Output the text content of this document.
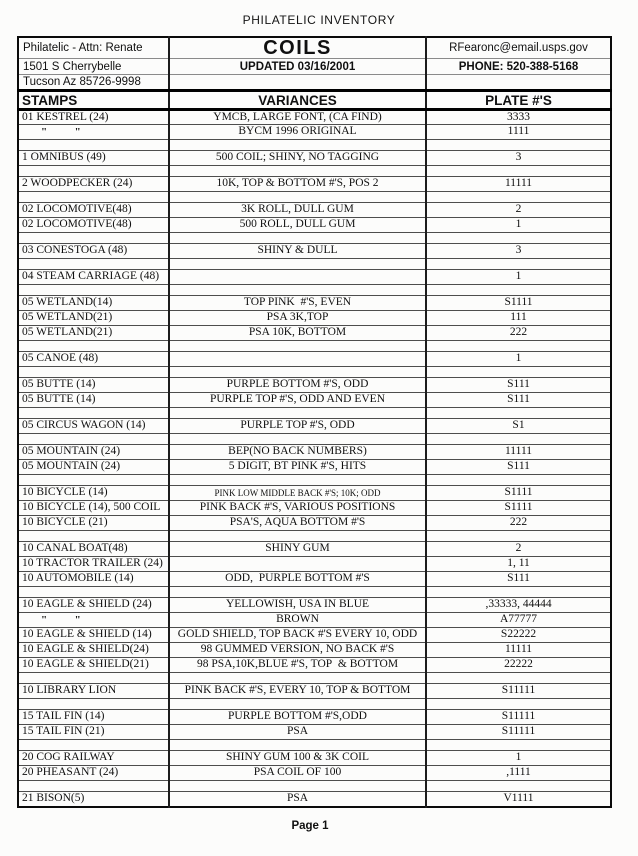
PHILATELIC INVENTORY
Philatelic - Attn: Renate	COILS	RFearonc@email.usps.gov
1501 S Cherrybelle	UPDATED 03/16/2001	PHONE: 520-388-5168
Tucson Az 85726-9998		
STAMPS	VARIANCES	PLATE #'S
01 KESTREL (24)	YMCB, LARGE FONT, (CA FIND)	3333
"          "	BYCM 1996 ORIGINAL	1111

1 OMNIBUS (49)	500 COIL; SHINY, NO TAGGING	3

2 WOODPECKER (24)	10K, TOP & BOTTOM #'S, POS 2	11111

02 LOCOMOTIVE(48)	3K ROLL, DULL GUM	2
02 LOCOMOTIVE(48)	500 ROLL, DULL GUM	1

03 CONESTOGA (48)	SHINY & DULL	3

04 STEAM CARRIAGE (48)		1

05 WETLAND(14)	TOP PINK  #'S, EVEN	S1111
05 WETLAND(21)	PSA 3K,TOP	111
05 WETLAND(21)	PSA 10K, BOTTOM	222

05 CANOE (48)		1

05 BUTTE (14)	PURPLE BOTTOM #'S, ODD	S111
05 BUTTE (14)	PURPLE TOP #'S, ODD AND EVEN	S111

05 CIRCUS WAGON (14)	PURPLE TOP #'S, ODD	S1

05 MOUNTAIN (24)	BEP(NO BACK NUMBERS)	11111
05 MOUNTAIN (24)	5 DIGIT, BT PINK #'S, HITS	S111

10 BICYCLE (14)	PINK LOW MIDDLE BACK #'S; 10K; ODD	S1111
10 BICYCLE (14), 500 COIL	PINK BACK #'S, VARIOUS POSITIONS	S1111
10 BICYCLE (21)	PSA'S, AQUA BOTTOM #'S	222

10 CANAL BOAT(48)	SHINY GUM	2
10 TRACTOR TRAILER (24)		1, 11
10 AUTOMOBILE (14)	ODD,  PURPLE BOTTOM #'S	S111

10 EAGLE & SHIELD (24)	YELLOWISH, USA IN BLUE	,33333, 44444
"          "	BROWN	A77777
10 EAGLE & SHIELD (14)	GOLD SHIELD, TOP BACK #'S EVERY 10, ODD	S22222
10 EAGLE & SHIELD(24)	98 GUMMED VERSION, NO BACK #'S	11111
10 EAGLE & SHIELD(21)	98 PSA,10K,BLUE #'S, TOP  & BOTTOM	22222

10 LIBRARY LION	PINK BACK #'S, EVERY 10, TOP & BOTTOM	S11111

15 TAIL FIN (14)	PURPLE BOTTOM #'S,ODD	S11111
15 TAIL FIN (21)	PSA	S11111

20 COG RAILWAY	SHINY GUM 100 & 3K COIL	1
20 PHEASANT (24)	PSA COIL OF 100	,1111

21 BISON(5)	PSA	V1111
Page 1
